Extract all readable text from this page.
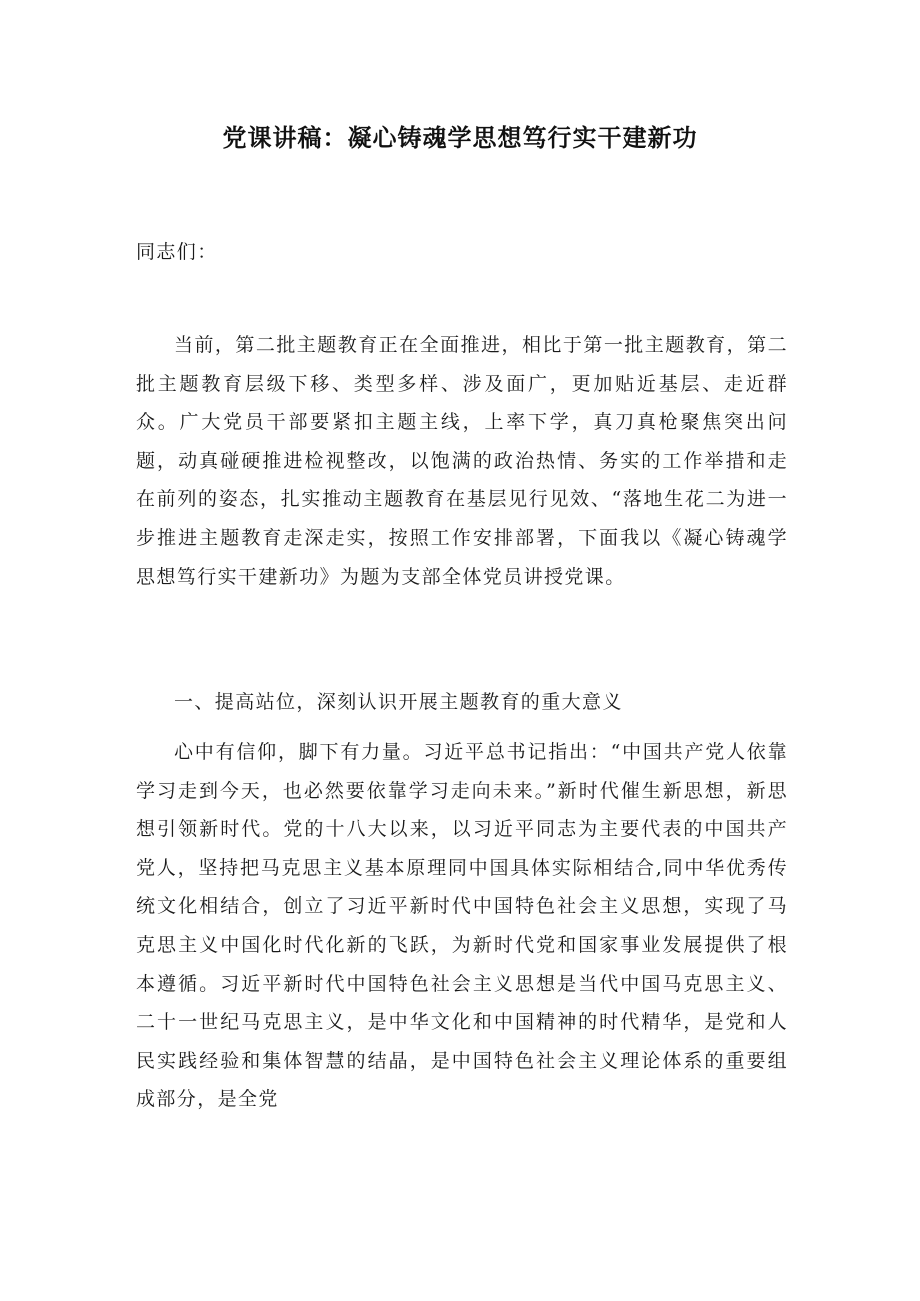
党课讲稿：凝心铸魂学思想笃行实干建新功
同志们：

当前，第二批主题教育正在全面推进，相比于第一批主题教育，第二批主题教育层级下移、类型多样、涉及面广，更加贴近基层、走近群众。广大党员干部要紧扣主题主线，上率下学，真刀真枪聚焦突出问题，动真碰硬推进检视整改，以饱满的政治热情、务实的工作举措和走在前列的姿态，扎实推动主题教育在基层见行见效、“落地生花二为进一步推进主题教育走深走实，按照工作安排部署，下面我以《凝心铸魂学思想笃行实干建新功》为题为支部全体党员讲授党课。

一、提高站位，深刻认识开展主题教育的重大意义

心中有信仰，脚下有力量。习近平总书记指出：“中国共产党人依靠学习走到今天，也必然要依靠学习走向未来。”新时代催生新思想，新思想引领新时代。党的十八大以来，以习近平同志为主要代表的中国共产党人，坚持把马克思主义基本原理同中国具体实际相结合,同中华优秀传统文化相结合，创立了习近平新时代中国特色社会主义思想，实现了马克思主义中国化时代化新的飞跃，为新时代党和国家事业发展提供了根本遵循。习近平新时代中国特色社会主义思想是当代中国马克思主义、二十一世纪马克思主义，是中华文化和中国精神的时代精华，是党和人民实践经验和集体智慧的结晶，是中国特色社会主义理论体系的重要组成部分，是全党
